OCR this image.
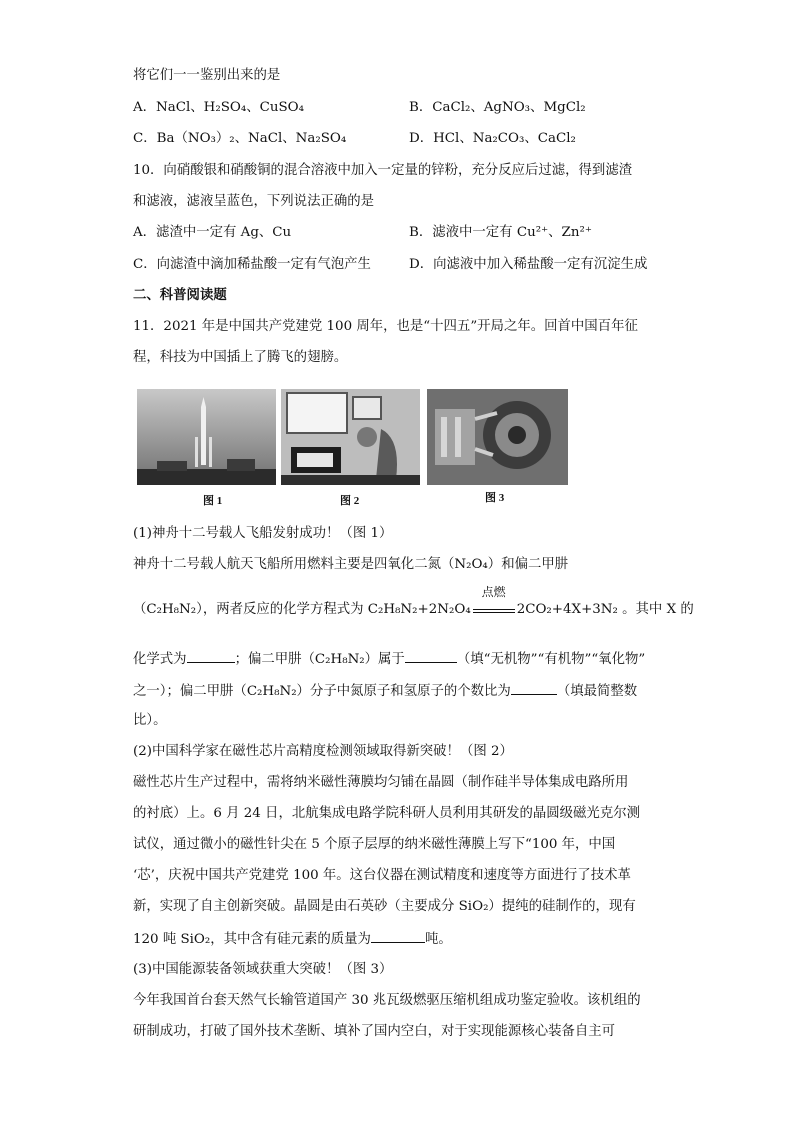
将它们一一鉴别出来的是
A．NaCl、H₂SO₄、CuSO₄	B．CaCl₂、AgNO₃、MgCl₂
C．Ba（NO₃）₂、NaCl、Na₂SO₄	D．HCl、Na₂CO₃、CaCl₂
10．向硝酸银和硝酸铜的混合溶液中加入一定量的锌粉，充分反应后过滤，得到滤渣
和滤液，滤液呈蓝色，下列说法正确的是
A．滤渣中一定有 Ag、Cu	B．滤液中一定有 Cu²⁺、Zn²⁺
C．向滤渣中滴加稀盐酸一定有气泡产生	D．向滤液中加入稀盐酸一定有沉淀生成
二、科普阅读题
11．2021 年是中国共产党建党 100 周年，也是“十四五”开局之年。回首中国百年征
程，科技为中国插上了腾飞的翅膀。
图 1	图 2	图 3
(1)神舟十二号载人飞船发射成功！（图 1）
神舟十二号载人航天飞船所用燃料主要是四氧化二氮（N₂O₄）和偏二甲肼
（C₂H₈N₂），两者反应的化学方程式为 C₂H₈N₂+2N₂O₄
点燃
2CO₂+4X+3N₂ 。其中 X 的
化学式为	；偏二甲肼（C₂H₈N₂）属于	（填“无机物”“有机物”“氧化物”
之一）；偏二甲肼（C₂H₈N₂）分子中氮原子和氢原子的个数比为	（填最简整数
比）。
(2)中国科学家在磁性芯片高精度检测领域取得新突破！（图 2）
磁性芯片生产过程中，需将纳米磁性薄膜均匀铺在晶圆（制作硅半导体集成电路所用
的衬底）上。6 月 24 日，北航集成电路学院科研人员利用其研发的晶圆级磁光克尔测
试仪，通过微小的磁性针尖在 5 个原子层厚的纳米磁性薄膜上写下“100 年，中国
‘芯’，庆祝中国共产党建党 100 年。这台仪器在测试精度和速度等方面进行了技术革
新，实现了自主创新突破。晶圆是由石英砂（主要成分 SiO₂）提纯的硅制作的，现有
120 吨 SiO₂，其中含有硅元素的质量为	吨。
(3)中国能源装备领域获重大突破！（图 3）
今年我国首台套天然气长输管道国产 30 兆瓦级燃驱压缩机组成功鉴定验收。该机组的
研制成功，打破了国外技术垄断、填补了国内空白，对于实现能源核心装备自主可
